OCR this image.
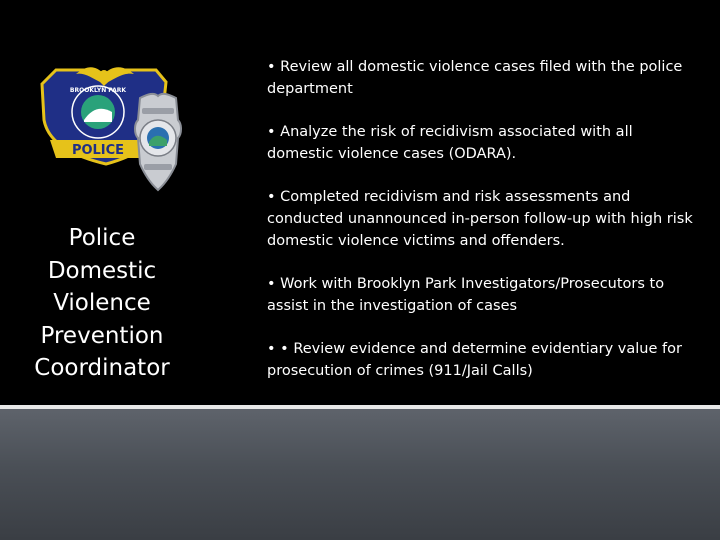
BROOKLYN PARK
POLICE
Police
Domestic
Violence
Prevention
Coordinator
• Review all domestic violence cases filed with the police department
• Analyze the risk of recidivism associated with all domestic violence cases (ODARA).
• Completed recidivism and risk assessments and conducted unannounced in-person follow-up with high risk domestic violence victims and offenders.
• Work with Brooklyn Park Investigators/Prosecutors to assist in the investigation of cases
• • Review evidence and determine evidentiary value for prosecution of crimes (911/Jail Calls)
